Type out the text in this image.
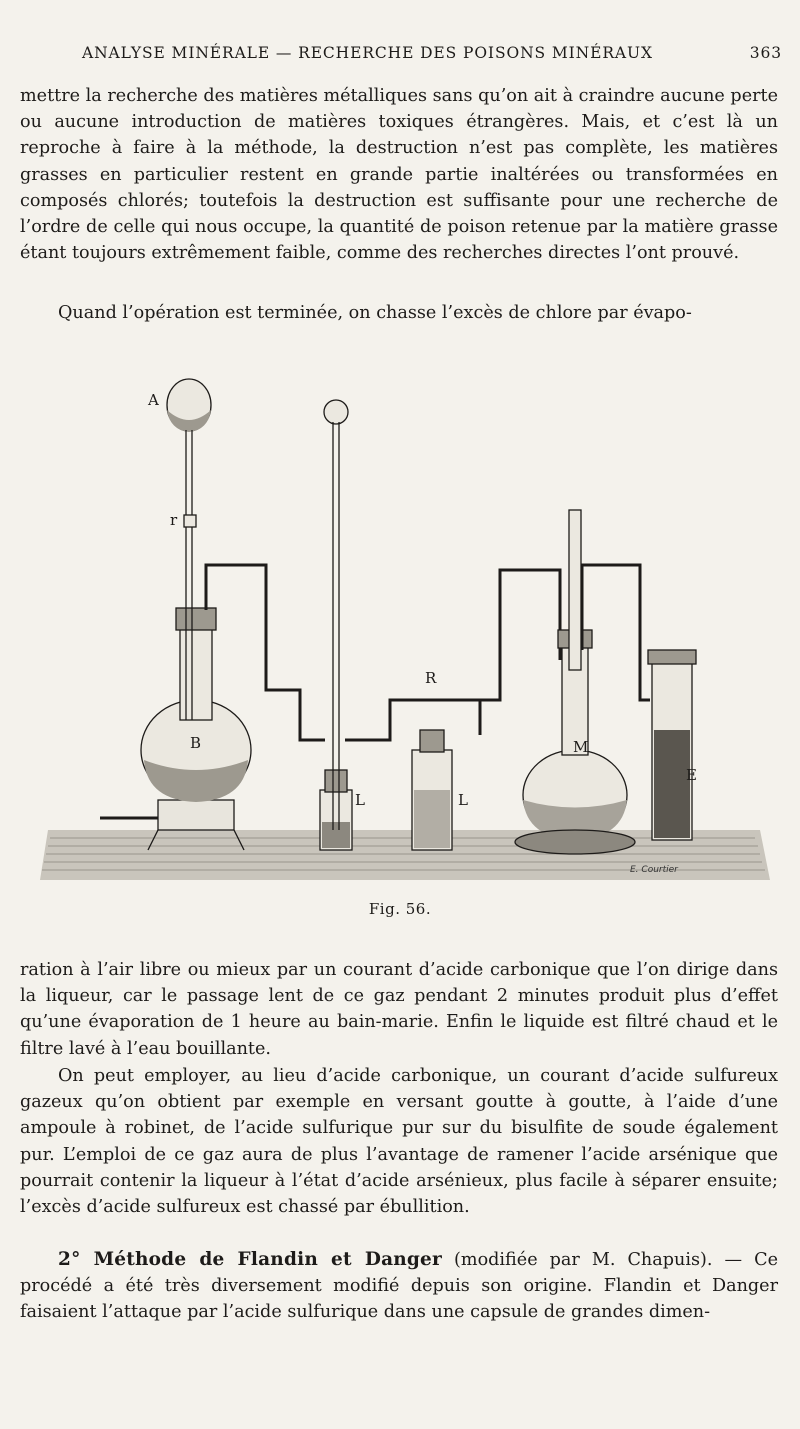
ANALYSE MINÉRALE — RECHERCHE DES POISONS MINÉRAUX	363
mettre la recherche des matières métalliques sans qu’on ait à craindre aucune perte ou aucune introduction de matières toxiques étrangères. Mais, et c’est là un reproche à faire à la méthode, la destruction n’est pas complète, les matières grasses en particulier restent en grande partie inaltérées ou transformées en composés chlorés; toutefois la destruction est suffisante pour une recherche de l’ordre de celle qui nous occupe, la quantité de poison retenue par la matière grasse étant toujours extrêmement faible, comme des recherches directes l’ont prouvé.
Quand l’opération est terminée, on chasse l’excès de chlore par évapo-
A
r
B
L
R
L
M
E
E. Courtier
Fig. 56.
ration à l’air libre ou mieux par un courant d’acide carbonique que l’on dirige dans la liqueur, car le passage lent de ce gaz pendant 2 minutes produit plus d’effet qu’une évaporation de 1 heure au bain-marie. Enfin le liquide est filtré chaud et le filtre lavé à l’eau bouillante.
On peut employer, au lieu d’acide carbonique, un courant d’acide sulfureux gazeux qu’on obtient par exemple en versant goutte à goutte, à l’aide d’une ampoule à robinet, de l’acide sulfurique pur sur du bisulfite de soude également pur. L’emploi de ce gaz aura de plus l’avantage de ramener l’acide arsénique que pourrait contenir la liqueur à l’état d’acide arsénieux, plus facile à séparer ensuite; l’excès d’acide sulfureux est chassé par ébullition.
2° Méthode de Flandin et Danger (modifiée par M. Chapuis). — Ce procédé a été très diversement modifié depuis son origine. Flandin et Danger faisaient l’attaque par l’acide sulfurique dans une capsule de grandes dimen-
